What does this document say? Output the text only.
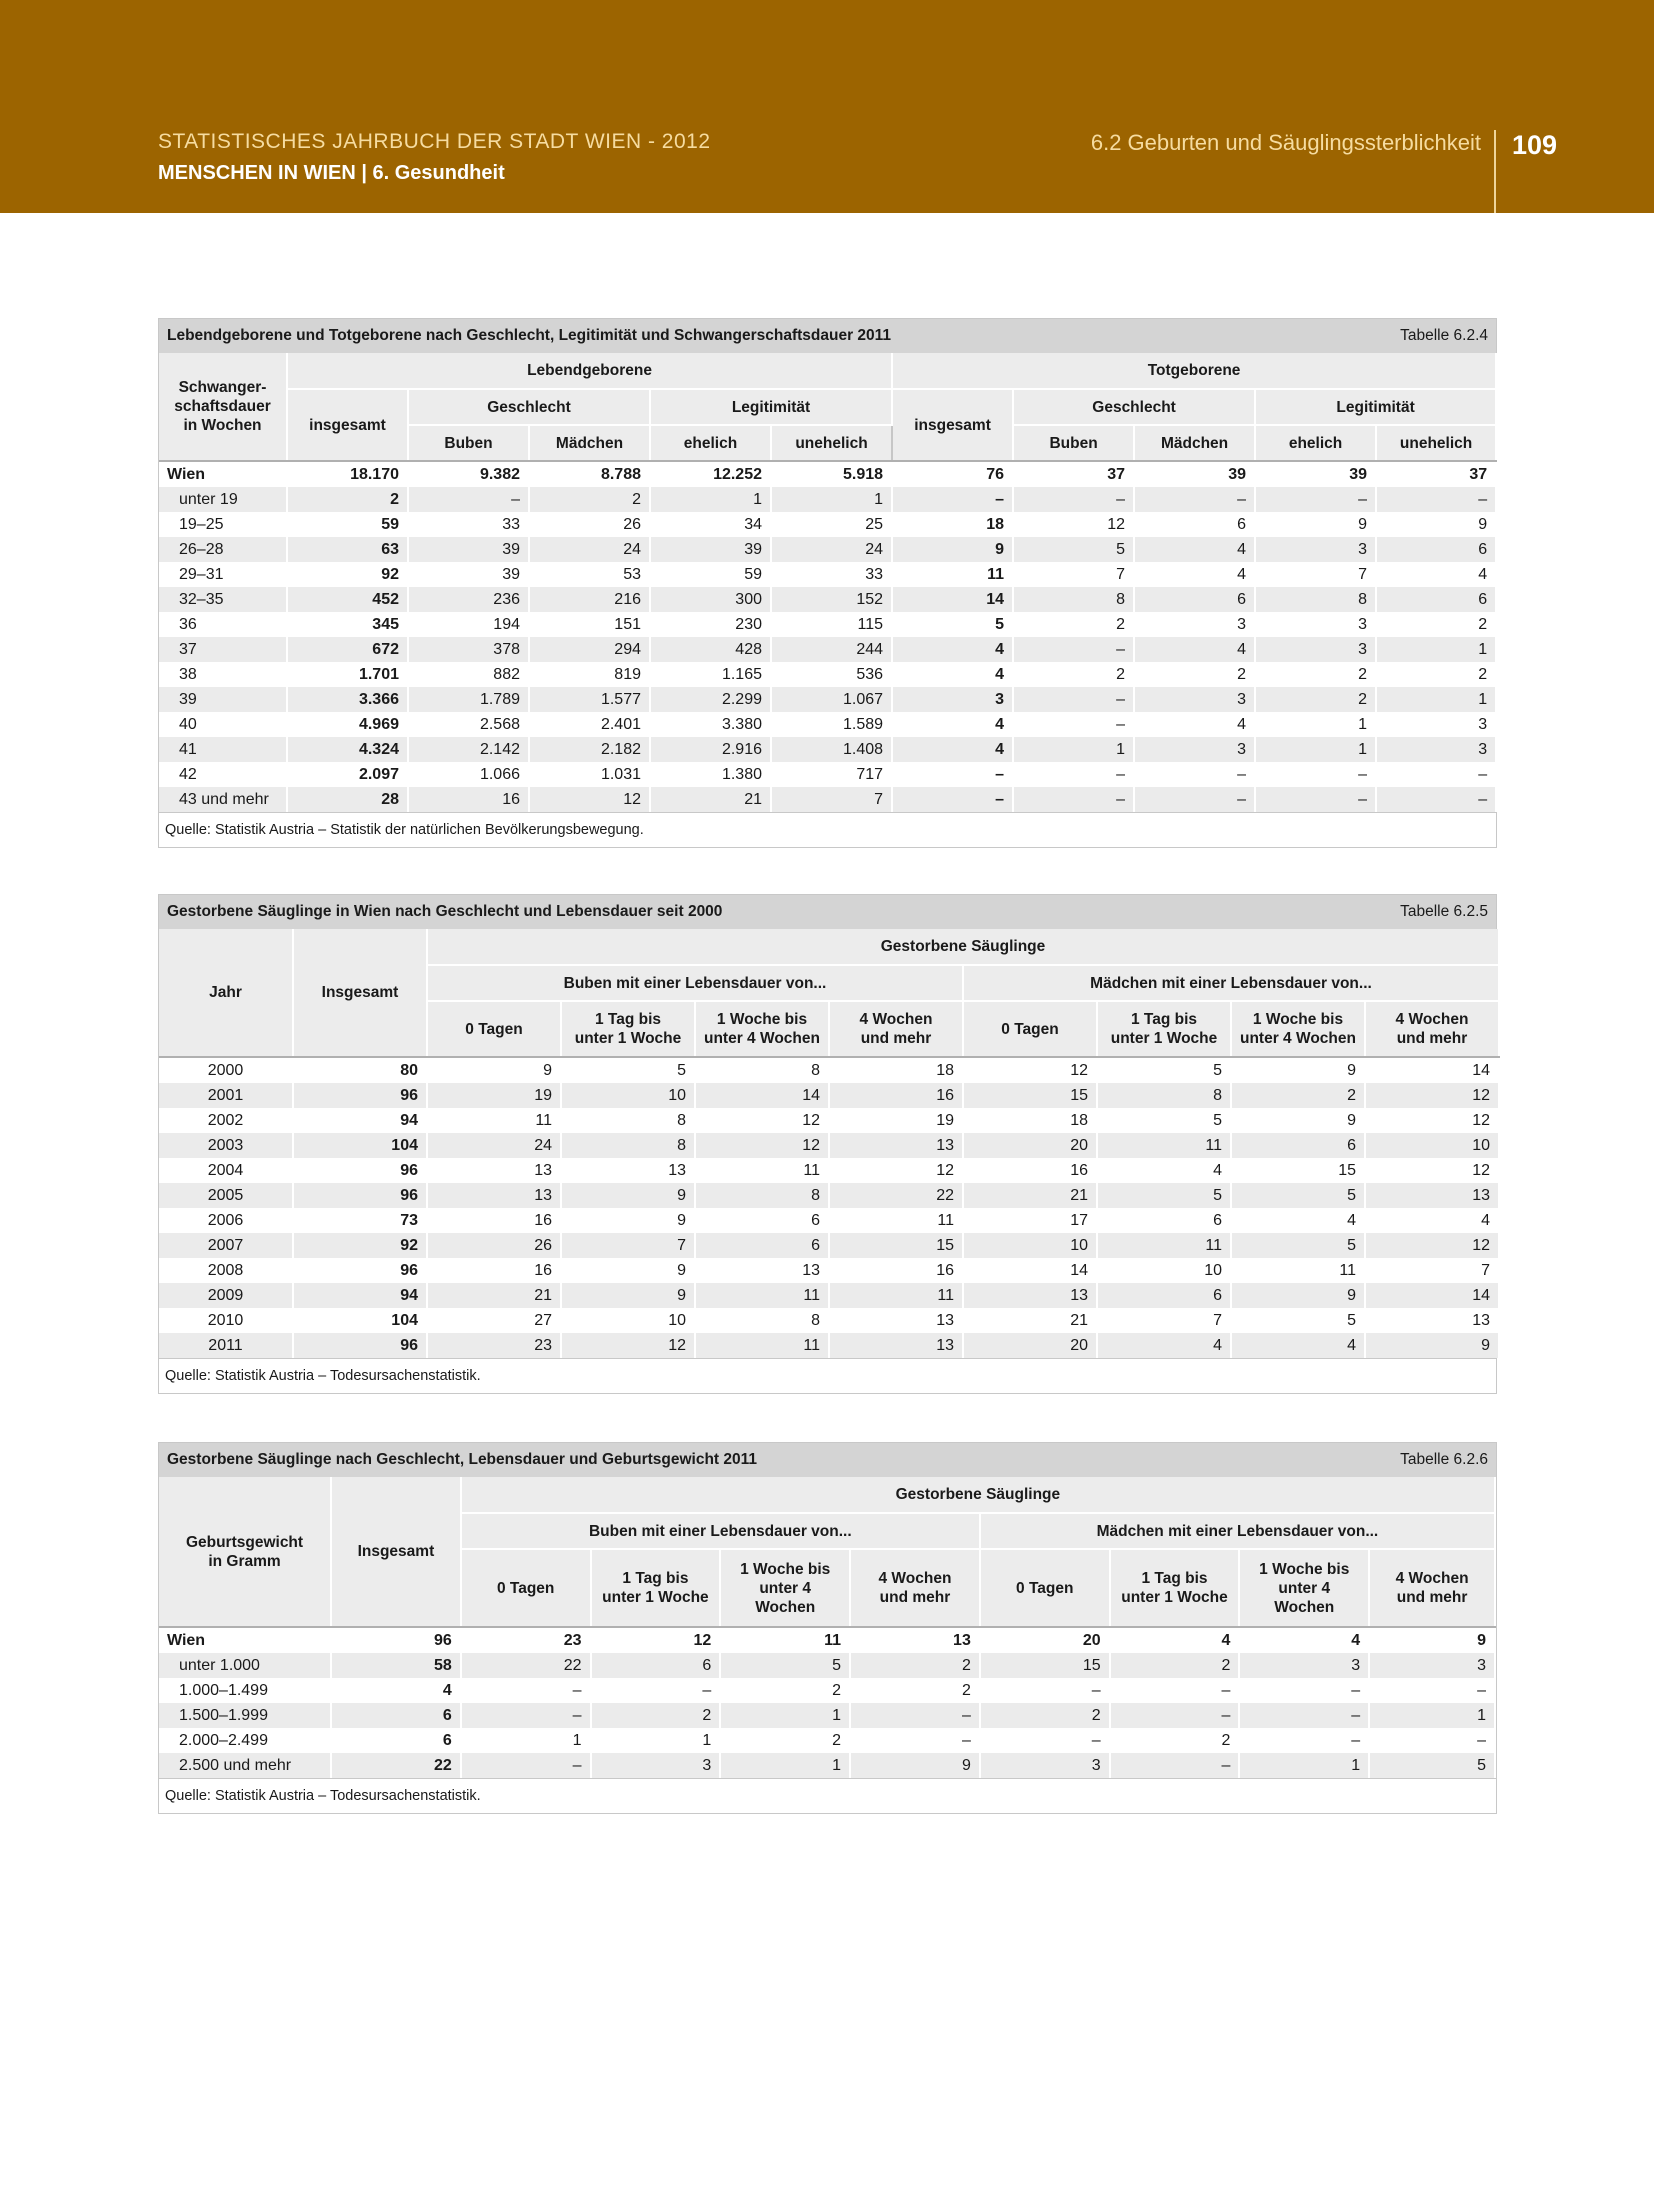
STATISTISCHES JAHRBUCH DER STADT WIEN - 2012
MENSCHEN IN WIEN | 6. Gesundheit
6.2 Geburten und Säuglingssterblichkeit 109
Lebendgeborene und Totgeborene nach Geschlecht, Legitimität und Schwangerschaftsdauer 2011	Tabelle 6.2.4
Schwanger-
schaftsdauer
in Wochen	Lebendgeborene					Totgeborene				
	insgesamt	Geschlecht		Legitimität		insgesamt	Geschlecht		Legitimität	
		Buben	Mädchen	ehelich	unehelich		Buben	Mädchen	ehelich	unehelich
Wien	18.170	9.382	8.788	12.252	5.918	76	37	39	39	37
unter 19	2	–	2	1	1	–	–	–	–	–
19–25	59	33	26	34	25	18	12	6	9	9
26–28	63	39	24	39	24	9	5	4	3	6
29–31	92	39	53	59	33	11	7	4	7	4
32–35	452	236	216	300	152	14	8	6	8	6
36	345	194	151	230	115	5	2	3	3	2
37	672	378	294	428	244	4	–	4	3	1
38	1.701	882	819	1.165	536	4	2	2	2	2
39	3.366	1.789	1.577	2.299	1.067	3	–	3	2	1
40	4.969	2.568	2.401	3.380	1.589	4	–	4	1	3
41	4.324	2.142	2.182	2.916	1.408	4	1	3	1	3
42	2.097	1.066	1.031	1.380	717	–	–	–	–	–
43 und mehr	28	16	12	21	7	–	–	–	–	–
Quelle: Statistik Austria – Statistik der natürlichen Bevölkerungsbewegung.
Gestorbene Säuglinge in Wien nach Geschlecht und Lebensdauer seit 2000	Tabelle 6.2.5
Jahr	Insgesamt	Gestorbene Säuglinge							
		Buben mit einer Lebensdauer von...				Mädchen mit einer Lebensdauer von...			
		0 Tagen	1 Tag bis
unter 1 Woche	1 Woche bis
unter 4 Wochen	4 Wochen
und mehr	0 Tagen	1 Tag bis
unter 1 Woche	1 Woche bis
unter 4 Wochen	4 Wochen
und mehr
2000	80	9	5	8	18	12	5	9	14
2001	96	19	10	14	16	15	8	2	12
2002	94	11	8	12	19	18	5	9	12
2003	104	24	8	12	13	20	11	6	10
2004	96	13	13	11	12	16	4	15	12
2005	96	13	9	8	22	21	5	5	13
2006	73	16	9	6	11	17	6	4	4
2007	92	26	7	6	15	10	11	5	12
2008	96	16	9	13	16	14	10	11	7
2009	94	21	9	11	11	13	6	9	14
2010	104	27	10	8	13	21	7	5	13
2011	96	23	12	11	13	20	4	4	9
Quelle: Statistik Austria – Todesursachenstatistik.
Gestorbene Säuglinge nach Geschlecht, Lebensdauer und Geburtsgewicht 2011	Tabelle 6.2.6
Geburtsgewicht
in Gramm	Insgesamt	Gestorbene Säuglinge							
		Buben mit einer Lebensdauer von...				Mädchen mit einer Lebensdauer von...			
		0 Tagen	1 Tag bis
unter 1 Woche	1 Woche bis
unter 4
Wochen	4 Wochen
und mehr	0 Tagen	1 Tag bis
unter 1 Woche	1 Woche bis
unter 4
Wochen	4 Wochen
und mehr
Wien	96	23	12	11	13	20	4	4	9
unter 1.000	58	22	6	5	2	15	2	3	3
1.000–1.499	4	–	–	2	2	–	–	–	–
1.500–1.999	6	–	2	1	–	2	–	–	1
2.000–2.499	6	1	1	2	–	–	2	–	–
2.500 und mehr	22	–	3	1	9	3	–	1	5
Quelle: Statistik Austria – Todesursachenstatistik.
